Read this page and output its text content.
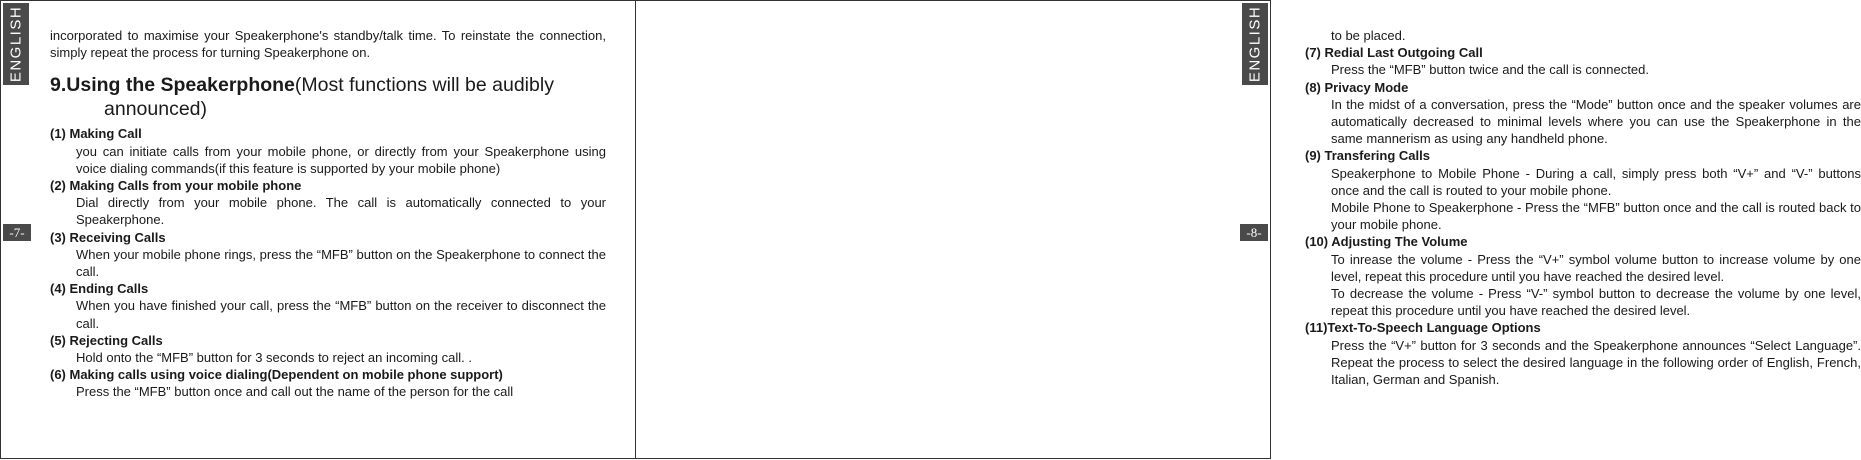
ENGLISH
-7-
incorporated to maximise your Speakerphone's standby/talk time. To reinstate the connection, simply repeat the process for turning Speakerphone on.
9.Using the Speakerphone(Most functions will be audibly announced)
(1) Making Call
you can initiate calls from your mobile phone, or directly from your Speakerphone using voice dialing commands(if this feature is supported by your mobile phone)
(2) Making Calls from your mobile phone
Dial directly from your mobile phone. The call is automatically connected to your Speakerphone.
(3) Receiving Calls
When your mobile phone rings, press the “MFB” button on the Speakerphone to connect the call.
(4) Ending Calls
When you have finished your call, press the “MFB” button on the receiver to disconnect the call.
(5) Rejecting Calls
Hold onto the “MFB” button for 3 seconds to reject an incoming call. .
(6) Making calls using voice dialing(Dependent on mobile phone support)
Press the “MFB” button once and call out the name of the person for the call
ENGLISH
-8-
to be placed.
(7) Redial Last Outgoing Call
Press the “MFB” button twice and the call is connected.
(8) Privacy Mode
In the midst of a conversation, press the “Mode” button once and the speaker volumes are automatically decreased to minimal levels where you can use the Speakerphone in the same mannerism as using any handheld phone.
(9) Transfering Calls
Speakerphone to Mobile Phone - During a call, simply press both “V+” and “V-” buttons once and the call is routed to your mobile phone.
Mobile Phone to Speakerphone - Press the “MFB” button once and the call is routed back to your mobile phone.
(10) Adjusting The Volume
To inrease the volume - Press the “V+” symbol volume button to increase volume by one level, repeat this procedure until you have reached the desired level.
To decrease the volume - Press “V-” symbol button to decrease the volume by one level, repeat this procedure until you have reached the desired level.
(11)Text-To-Speech Language Options
Press the “V+” button for 3 seconds and the Speakerphone announces “Select Language”. Repeat the process to select the desired language in the following order of English, French, Italian, German and Spanish.
